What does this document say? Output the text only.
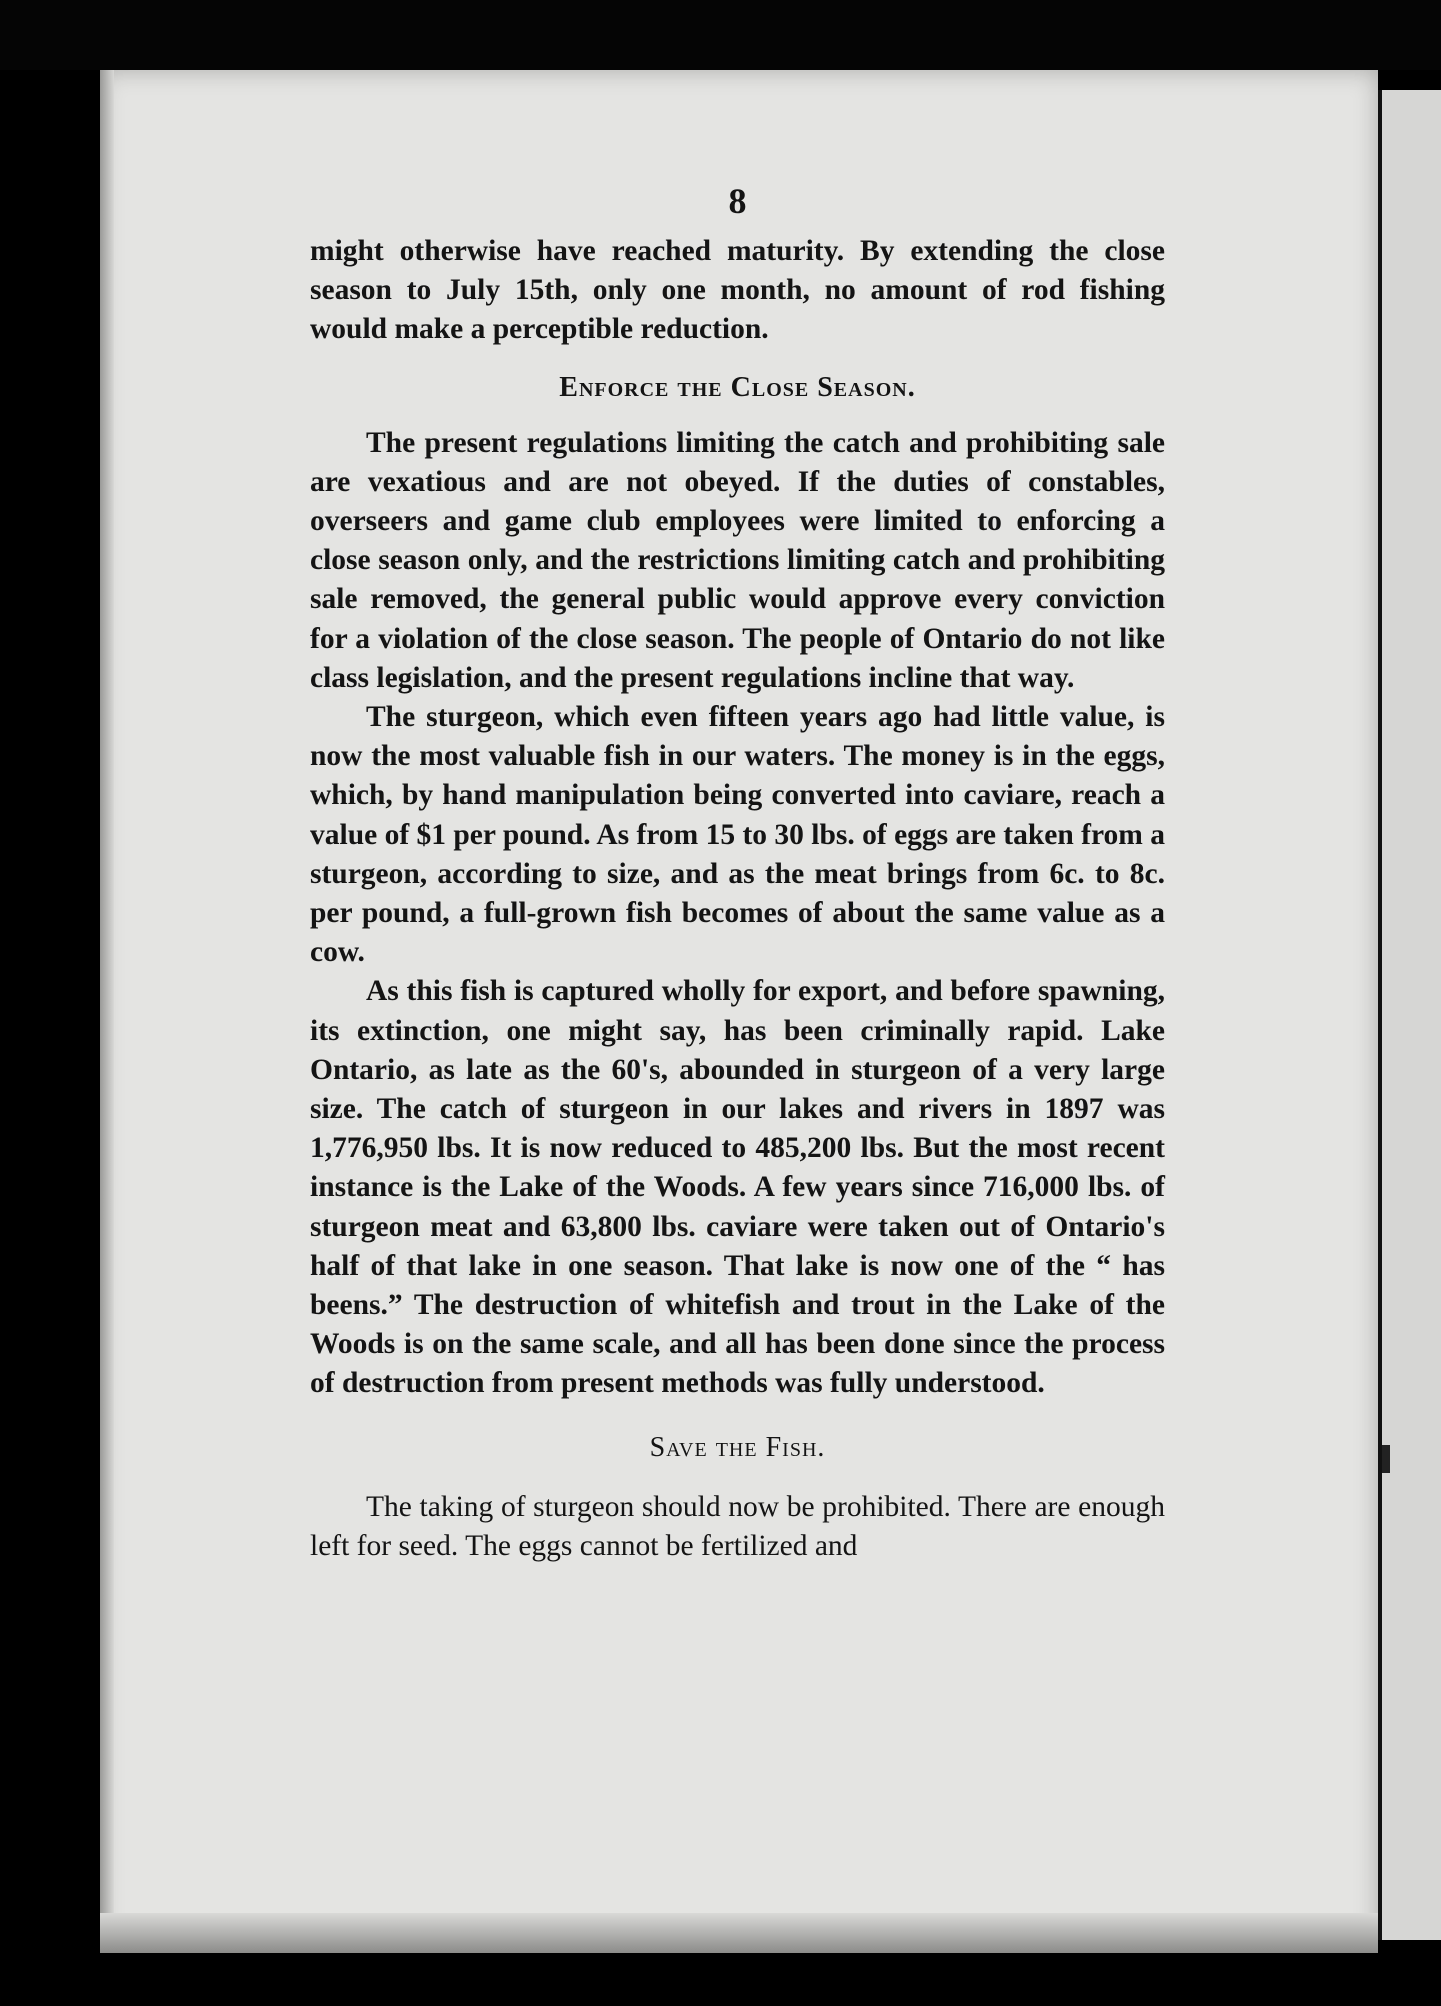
8

might otherwise have reached maturity. By extending the close season to July 15th, only one month, no amount of rod fishing would make a perceptible reduction.

Enforce the Close Season.

The present regulations limiting the catch and prohibiting sale are vexatious and are not obeyed. If the duties of constables, overseers and game club employees were limited to enforcing a close season only, and the restrictions limiting catch and prohibiting sale removed, the general public would approve every conviction for a violation of the close season. The people of Ontario do not like class legislation, and the present regulations incline that way.

The sturgeon, which even fifteen years ago had little value, is now the most valuable fish in our waters. The money is in the eggs, which, by hand manipulation being converted into caviare, reach a value of $1 per pound. As from 15 to 30 lbs. of eggs are taken from a sturgeon, according to size, and as the meat brings from 6c. to 8c. per pound, a full-grown fish becomes of about the same value as a cow.

As this fish is captured wholly for export, and before spawning, its extinction, one might say, has been criminally rapid. Lake Ontario, as late as the 60's, abounded in sturgeon of a very large size. The catch of sturgeon in our lakes and rivers in 1897 was 1,776,950 lbs. It is now reduced to 485,200 lbs. But the most recent instance is the Lake of the Woods. A few years since 716,000 lbs. of sturgeon meat and 63,800 lbs. caviare were taken out of Ontario's half of that lake in one season. That lake is now one of the “ has beens.” The destruction of whitefish and trout in the Lake of the Woods is on the same scale, and all has been done since the process of destruction from present methods was fully understood.

Save the Fish.

The taking of sturgeon should now be prohibited. There are enough left for seed. The eggs cannot be fertilized and
